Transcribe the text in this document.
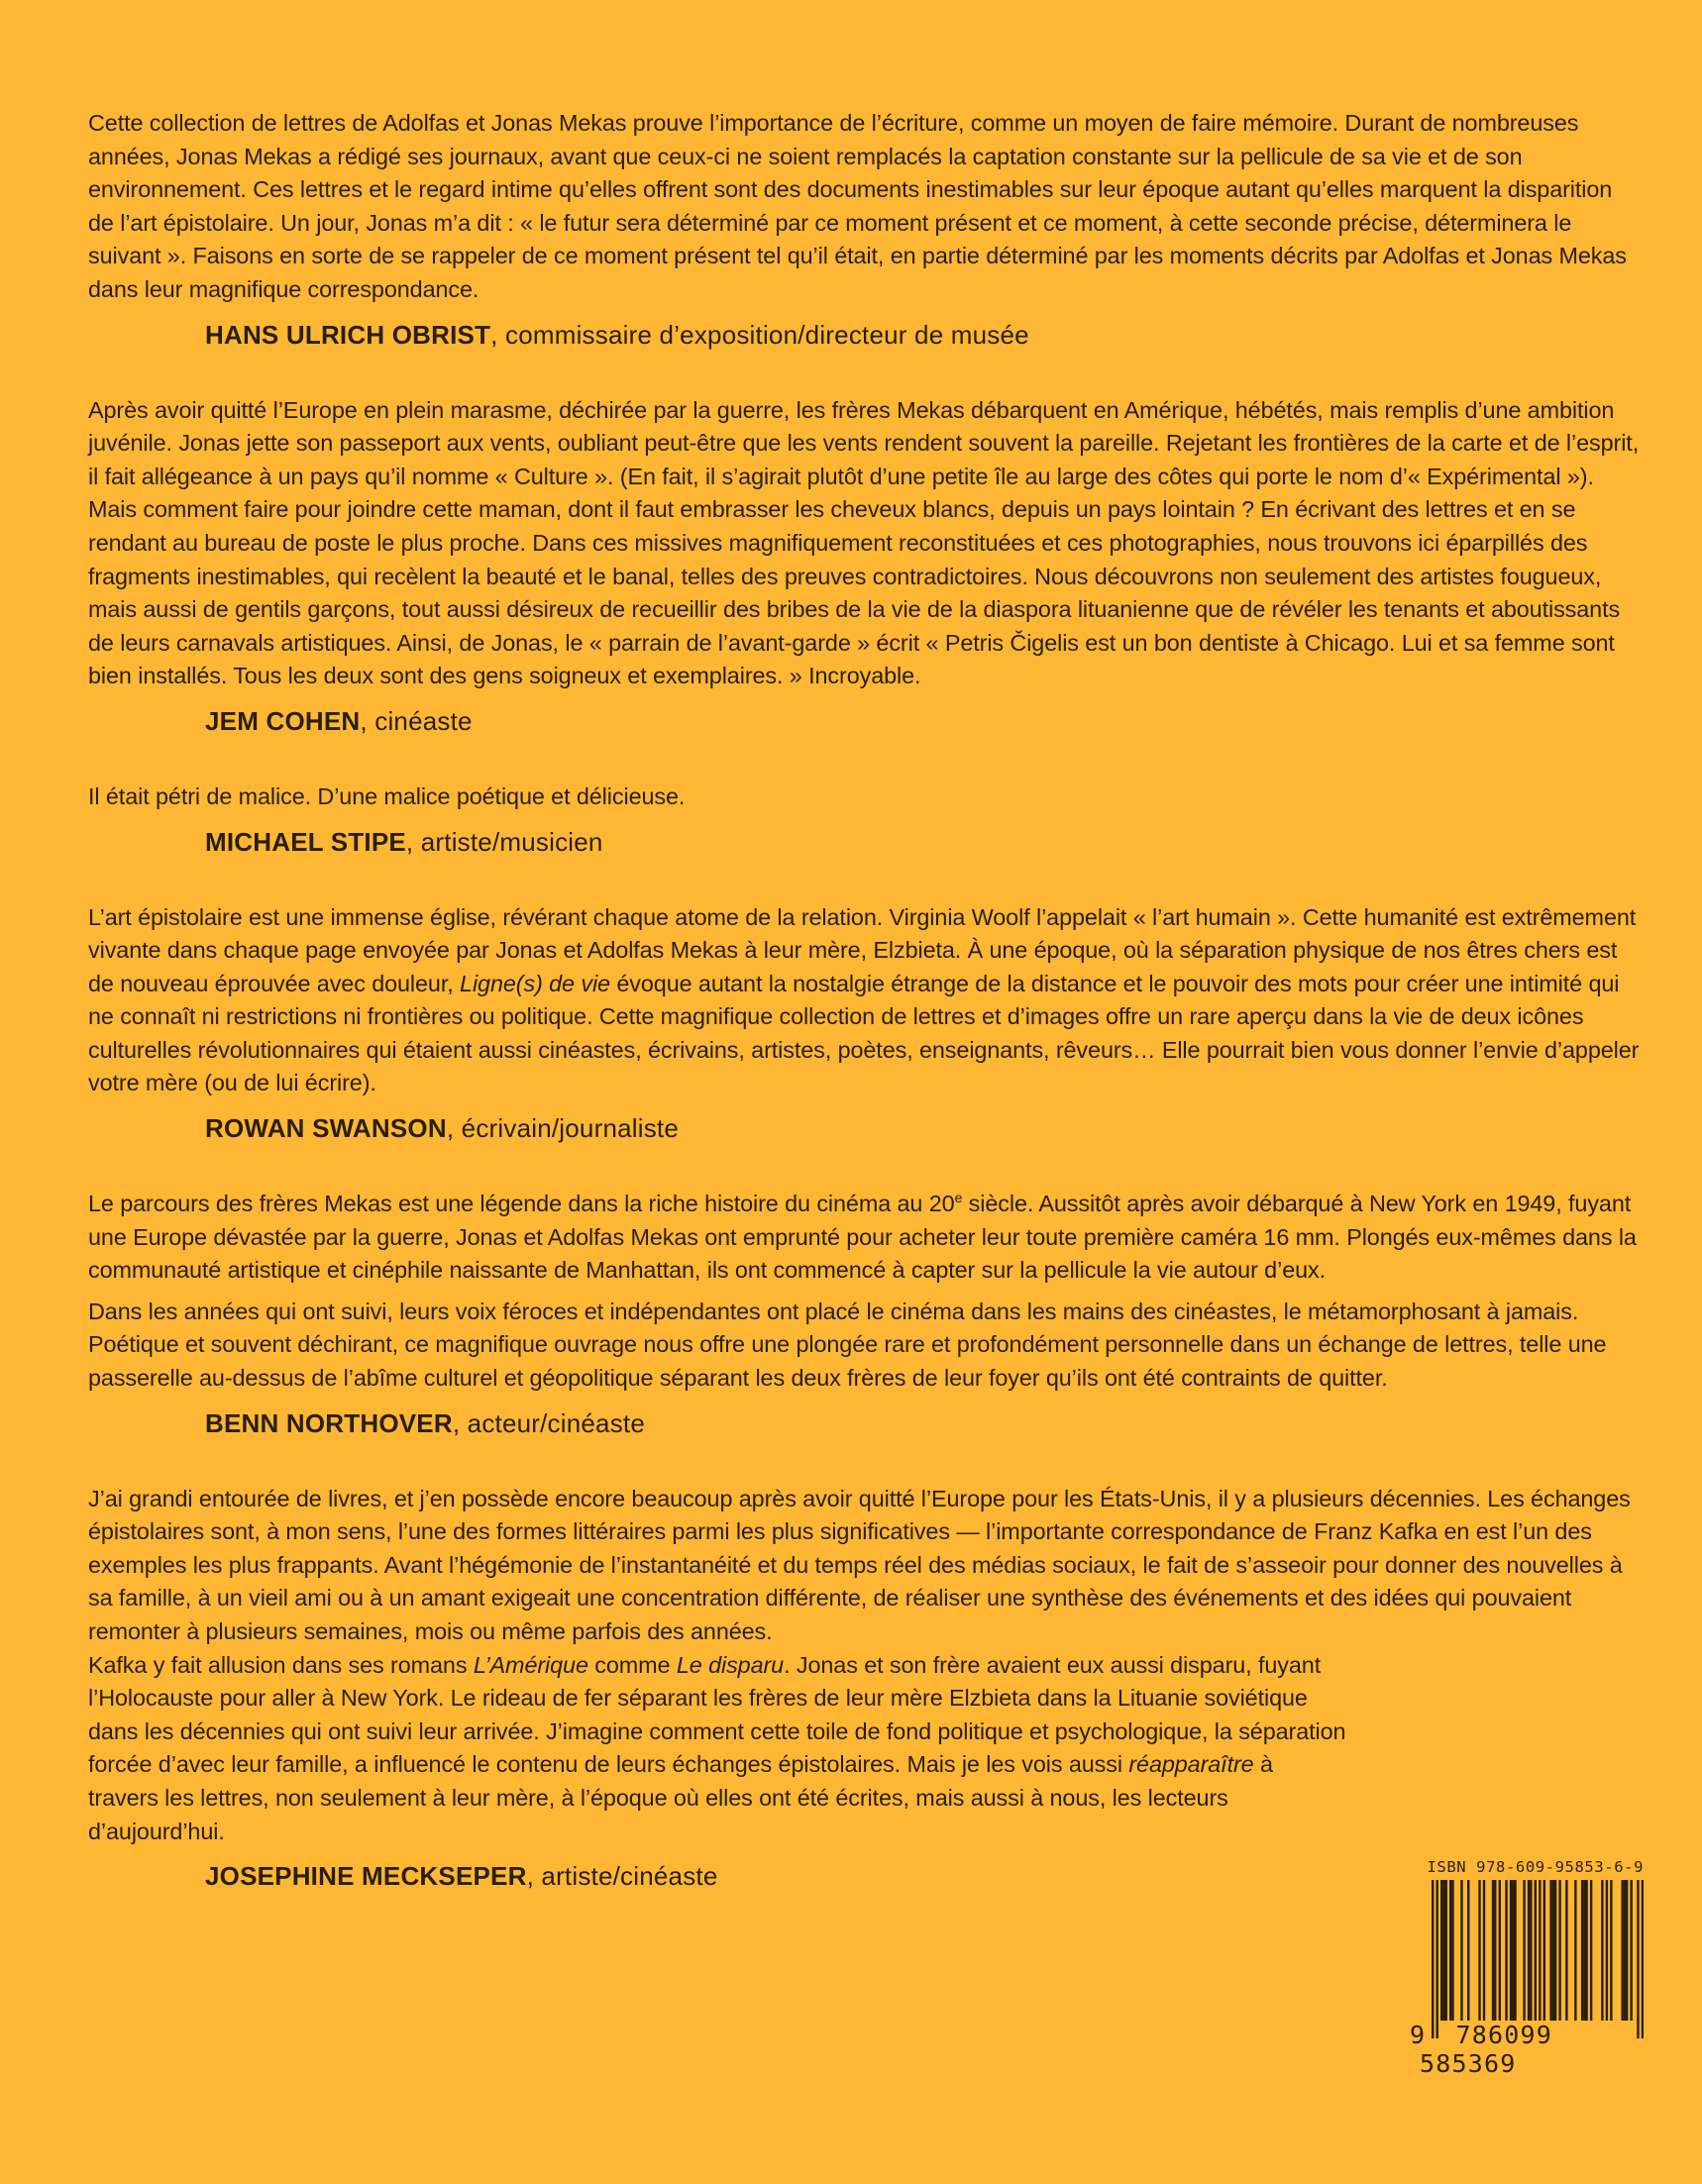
Cette collection de lettres de Adolfas et Jonas Mekas prouve l’importance de l’écriture, comme un moyen de faire mémoire. Durant de nombreuses années, Jonas Mekas a rédigé ses journaux, avant que ceux-ci ne soient remplacés la captation constante sur la pellicule de sa vie et de son environnement. Ces lettres et le regard intime qu’elles offrent sont des documents inestimables sur leur époque autant qu’elles marquent la disparition de l’art épistolaire. Un jour, Jonas m’a dit : « le futur sera déterminé par ce moment présent et ce moment, à cette seconde précise, déterminera le suivant ». Faisons en sorte de se rappeler de ce moment présent tel qu’il était, en partie déterminé par les moments décrits par Adolfas et Jonas Mekas dans leur magnifique correspondance.

HANS ULRICH OBRIST, commissaire d’exposition/directeur de musée

Après avoir quitté l’Europe en plein marasme, déchirée par la guerre, les frères Mekas débarquent en Amérique, hébétés, mais remplis d’une ambition juvénile. Jonas jette son passeport aux vents, oubliant peut-être que les vents rendent souvent la pareille. Rejetant les frontières de la carte et de l’esprit, il fait allégeance à un pays qu’il nomme « Culture ». (En fait, il s’agirait plutôt d’une petite île au large des côtes qui porte le nom d’« Expérimental »). Mais comment faire pour joindre cette maman, dont il faut embrasser les cheveux blancs, depuis un pays lointain ? En écrivant des lettres et en se rendant au bureau de poste le plus proche. Dans ces missives magnifiquement reconstituées et ces photographies, nous trouvons ici éparpillés des fragments inestimables, qui recèlent la beauté et le banal, telles des preuves contradictoires. Nous découvrons non seulement des artistes fougueux, mais aussi de gentils garçons, tout aussi désireux de recueillir des bribes de la vie de la diaspora lituanienne que de révéler les tenants et aboutissants de leurs carnavals artistiques. Ainsi, de Jonas, le « parrain de l’avant-garde » écrit « Petris Čigelis est un bon dentiste à Chicago. Lui et sa femme sont bien installés. Tous les deux sont des gens soigneux et exemplaires. » Incroyable.

JEM COHEN, cinéaste

Il était pétri de malice. D’une malice poétique et délicieuse.

MICHAEL STIPE, artiste/musicien

L’art épistolaire est une immense église, révérant chaque atome de la relation. Virginia Woolf l’appelait « l’art humain ». Cette humanité est extrêmement vivante dans chaque page envoyée par Jonas et Adolfas Mekas à leur mère, Elzbieta. À une époque, où la séparation physique de nos êtres chers est de nouveau éprouvée avec douleur, Ligne(s) de vie évoque autant la nostalgie étrange de la distance et le pouvoir des mots pour créer une intimité qui ne connaît ni restrictions ni frontières ou politique. Cette magnifique collection de lettres et d’images offre un rare aperçu dans la vie de deux icônes culturelles révolutionnaires qui étaient aussi cinéastes, écrivains, artistes, poètes, enseignants, rêveurs… Elle pourrait bien vous donner l’envie d’appeler votre mère (ou de lui écrire).

ROWAN SWANSON, écrivain/journaliste

Le parcours des frères Mekas est une légende dans la riche histoire du cinéma au 20e siècle. Aussitôt après avoir débarqué à New York en 1949, fuyant une Europe dévastée par la guerre, Jonas et Adolfas Mekas ont emprunté pour acheter leur toute première caméra 16 mm. Plongés eux-mêmes dans la communauté artistique et cinéphile naissante de Manhattan, ils ont commencé à capter sur la pellicule la vie autour d’eux.

Dans les années qui ont suivi, leurs voix féroces et indépendantes ont placé le cinéma dans les mains des cinéastes, le métamorphosant à jamais. Poétique et souvent déchirant, ce magnifique ouvrage nous offre une plongée rare et profondément personnelle dans un échange de lettres, telle une passerelle au-dessus de l’abîme culturel et géopolitique séparant les deux frères de leur foyer qu’ils ont été contraints de quitter.

BENN NORTHOVER, acteur/cinéaste

J’ai grandi entourée de livres, et j’en possède encore beaucoup après avoir quitté l’Europe pour les États-Unis, il y a plusieurs décennies. Les échanges épistolaires sont, à mon sens, l’une des formes littéraires parmi les plus significatives — l’importante correspondance de Franz Kafka en est l’un des exemples les plus frappants. Avant l’hégémonie de l’instantanéité et du temps réel des médias sociaux, le fait de s’asseoir pour donner des nouvelles à sa famille, à un vieil ami ou à un amant exigeait une concentration différente, de réaliser une synthèse des événements et des idées qui pouvaient remonter à plusieurs semaines, mois ou même parfois des années.

Kafka y fait allusion dans ses romans L’Amérique comme Le disparu. Jonas et son frère avaient eux aussi disparu, fuyant l’Holocauste pour aller à New York. Le rideau de fer séparant les frères de leur mère Elzbieta dans la Lituanie soviétique dans les décennies qui ont suivi leur arrivée. J’imagine comment cette toile de fond politique et psychologique, la séparation forcée d’avec leur famille, a influencé le contenu de leurs échanges épistolaires. Mais je les vois aussi réapparaître à travers les lettres, non seulement à leur mère, à l’époque où elles ont été écrites, mais aussi à nous, les lecteurs d’aujourd’hui.

JOSEPHINE MECKSEPER, artiste/cinéaste	ISBN 978-609-95853-6-9
9 786099 585369
